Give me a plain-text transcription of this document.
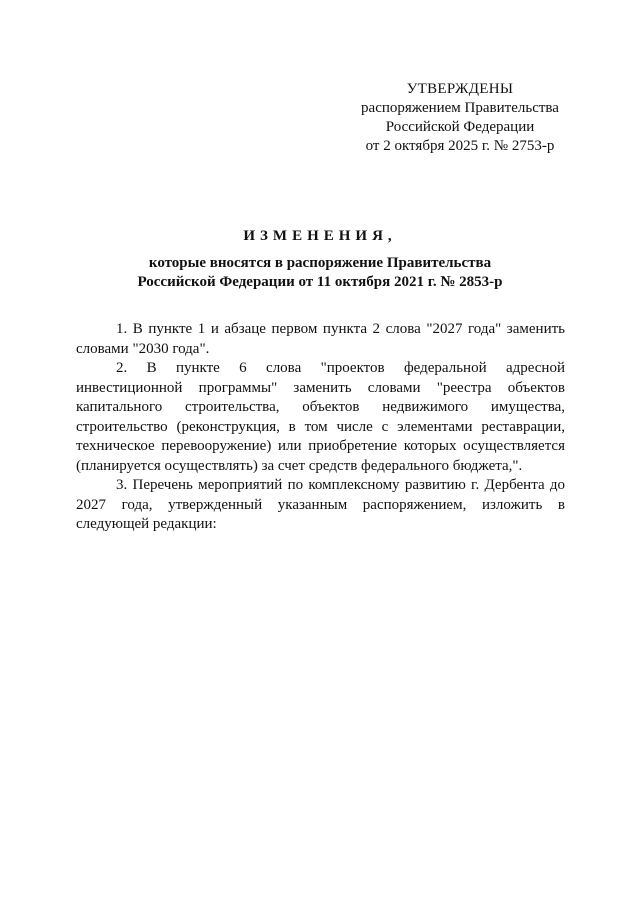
УТВЕРЖДЕНЫ
распоряжением Правительства
Российской Федерации
от 2 октября 2025 г. № 2753-р
ИЗМЕНЕНИЯ,
которые вносятся в распоряжение Правительства
Российской Федерации от 11 октября 2021 г. № 2853-р

1. В пункте 1 и абзаце первом пункта 2 слова "2027 года" заменить словами "2030 года".

2. В пункте 6 слова "проектов федеральной адресной инвестиционной программы" заменить словами "реестра объектов капитального строительства, объектов недвижимого имущества, строительство (реконструкция, в том числе с элементами реставрации, техническое перевооружение) или приобретение которых осуществляется (планируется осуществлять) за счет средств федерального бюджета,".

3. Перечень мероприятий по комплексному развитию г. Дербента до 2027 года, утвержденный указанным распоряжением, изложить в следующей редакции:
